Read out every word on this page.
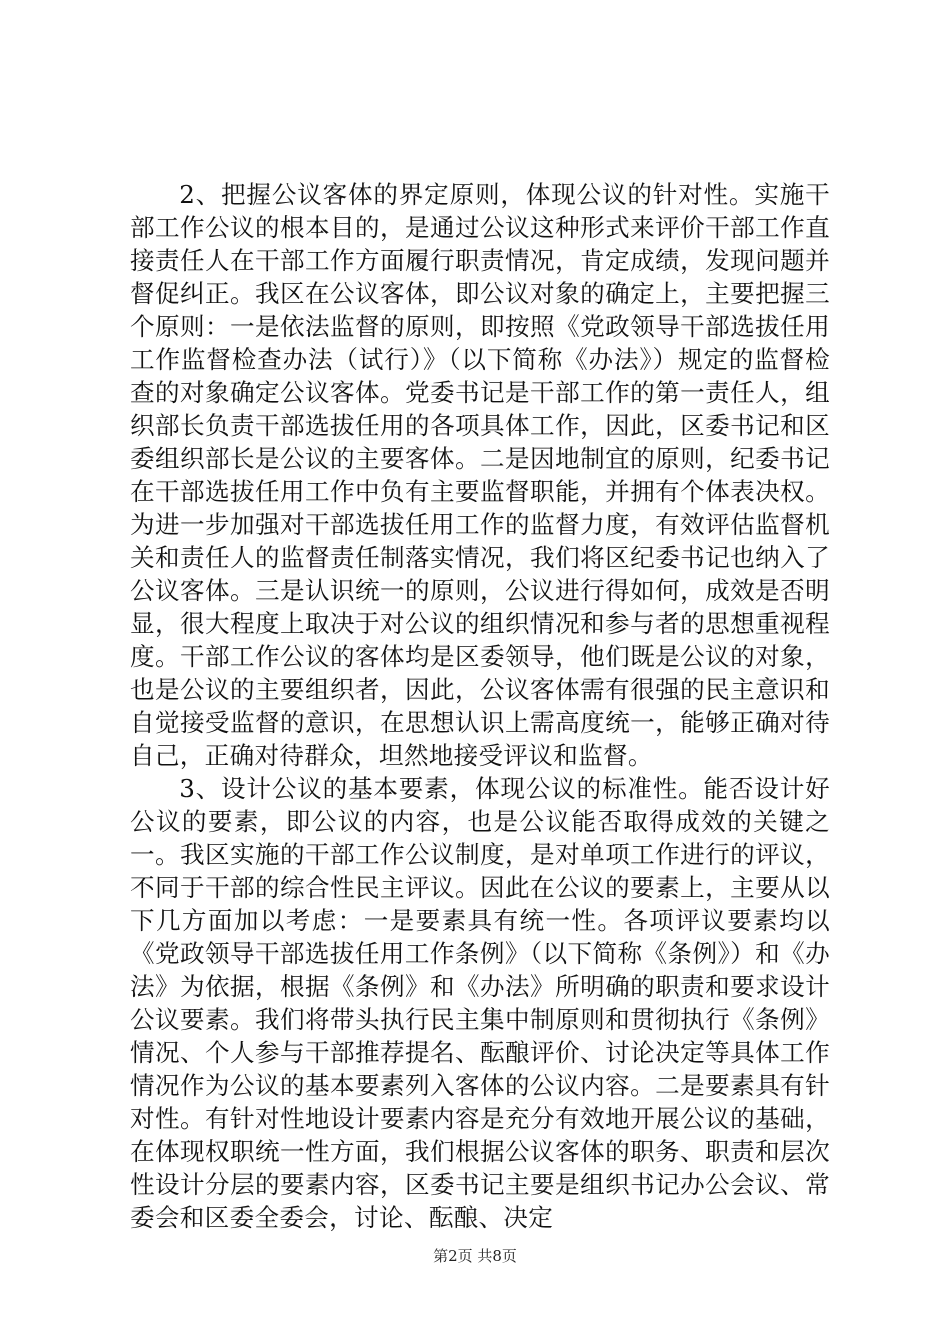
2、把握公议客体的界定原则，体现公议的针对性。实施干部工作公议的根本目的，是通过公议这种形式来评价干部工作直接责任人在干部工作方面履行职责情况，肯定成绩，发现问题并督促纠正。我区在公议客体，即公议对象的确定上，主要把握三个原则：一是依法监督的原则，即按照《党政领导干部选拔任用工作监督检查办法（试行）》（以下简称《办法》）规定的监督检查的对象确定公议客体。党委书记是干部工作的第一责任人，组织部长负责干部选拔任用的各项具体工作，因此，区委书记和区委组织部长是公议的主要客体。二是因地制宜的原则，纪委书记在干部选拔任用工作中负有主要监督职能，并拥有个体表决权。为进一步加强对干部选拔任用工作的监督力度，有效评估监督机关和责任人的监督责任制落实情况，我们将区纪委书记也纳入了公议客体。三是认识统一的原则，公议进行得如何，成效是否明显，很大程度上取决于对公议的组织情况和参与者的思想重视程度。干部工作公议的客体均是区委领导，他们既是公议的对象，也是公议的主要组织者，因此，公议客体需有很强的民主意识和自觉接受监督的意识，在思想认识上需高度统一，能够正确对待自己，正确对待群众，坦然地接受评议和监督。

3、设计公议的基本要素，体现公议的标准性。能否设计好公议的要素，即公议的内容，也是公议能否取得成效的关键之一。我区实施的干部工作公议制度，是对单项工作进行的评议，不同于干部的综合性民主评议。因此在公议的要素上，主要从以下几方面加以考虑：一是要素具有统一性。各项评议要素均以《党政领导干部选拔任用工作条例》（以下简称《条例》）和《办法》为依据，根据《条例》和《办法》所明确的职责和要求设计公议要素。我们将带头执行民主集中制原则和贯彻执行《条例》情况、个人参与干部推荐提名、酝酿评价、讨论决定等具体工作情况作为公议的基本要素列入客体的公议内容。二是要素具有针对性。有针对性地设计要素内容是充分有效地开展公议的基础，在体现权职统一性方面，我们根据公议客体的职务、职责和层次性设计分层的要素内容，区委书记主要是组织书记办公会议、常委会和区委全委会，讨论、酝酿、决定

第2页 共8页
